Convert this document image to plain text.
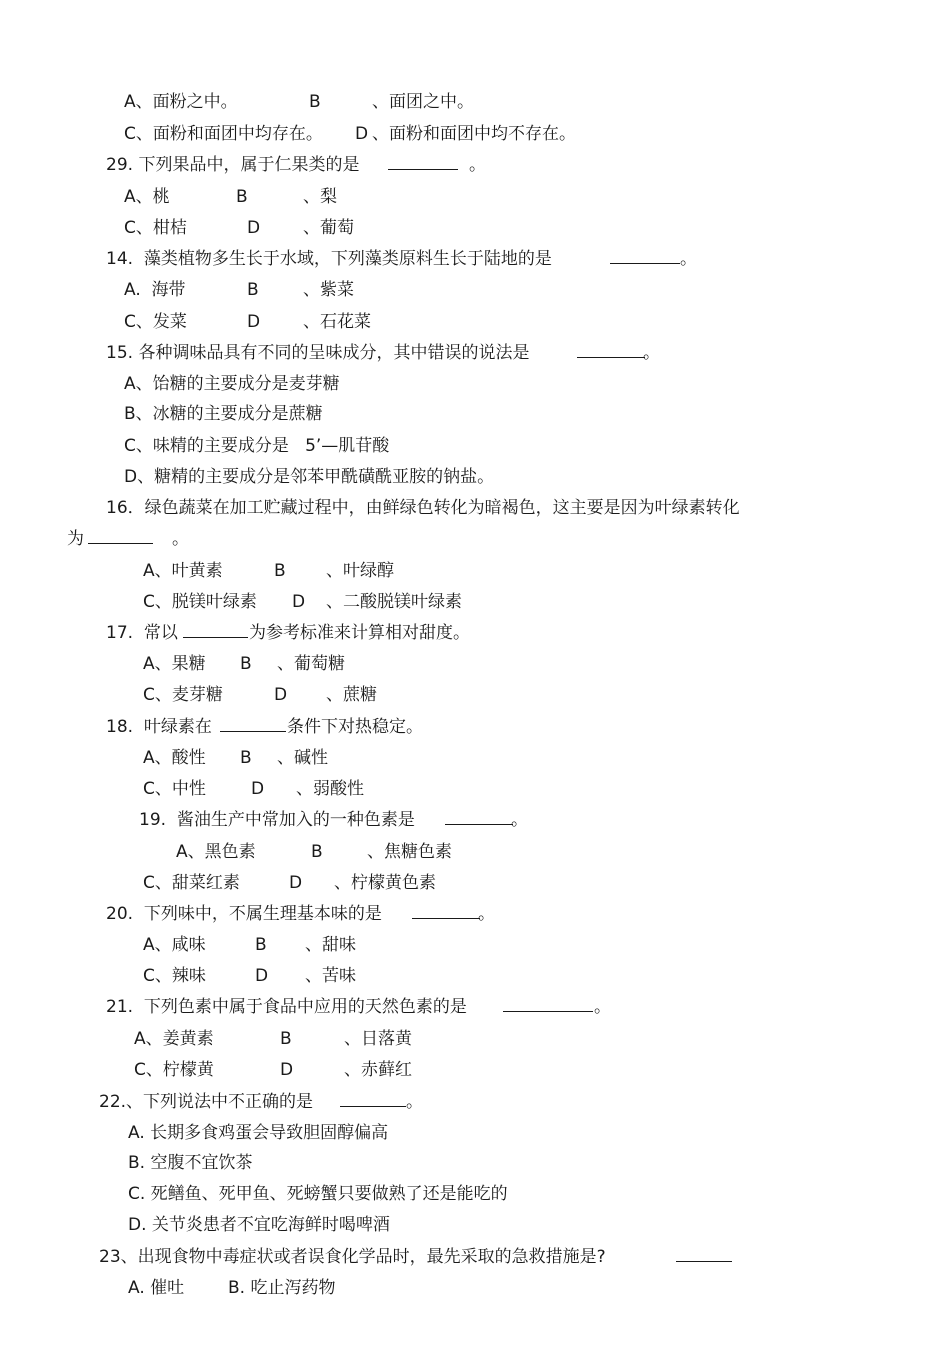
A、面粉之中。

	B

	、面团之中。

C、面粉和面团中均存在。

D

、面粉和面团中均不存在。

29. 下列果品中，属于仁果类的是

	。

A、桃

	B

	、梨

C、柑桔

	D

	、葡萄

14.  藻类植物多生长于水域，下列藻类原料生长于陆地的是

	。

A.  海带

	B

	、紫菜

C、发菜

	D

	、石花菜

15. 各种调味品具有不同的呈味成分，其中错误的说法是

	。

A、饴糖的主要成分是麦芽糖

B、冰糖的主要成分是蔗糖

C、味精的主要成分是   5’—肌苷酸

D、糖精的主要成分是邻苯甲酰磺酰亚胺的钠盐。

16．绿色蔬菜在加工贮藏过程中，由鲜绿色转化为暗褐色，这主要是因为叶绿素转化

为

	。

A、叶黄素

	B

、叶绿醇

C、脱镁叶绿素

D

、二酸脱镁叶绿素

17.  常以

	为参考标准来计算相对甜度。

A、果糖

B

、葡萄糖

C、麦芽糖

	D

、蔗糖

18.  叶绿素在

	条件下对热稳定。

A、酸性

B

、碱性

C、中性

	D

、弱酸性

19.  酱油生产中常加入的一种色素是

	。

A、黑色素

	B

	、焦糖色素

C、甜菜红素

	D

、柠檬黄色素

20.  下列味中，不属生理基本味的是

	。

A、咸味

	B

、甜味

C、辣味

	D

、苦味

21.  下列色素中属于食品中应用的天然色素的是

	。

A、姜黄素

	B

	、日落黄

C、柠檬黄

	D

	、赤藓红

22.、下列说法中不正确的是

	。

A. 长期多食鸡蛋会导致胆固醇偏高

B. 空腹不宜饮茶

C. 死鳝鱼、死甲鱼、死螃蟹只要做熟了还是能吃的

D. 关节炎患者不宜吃海鲜时喝啤酒

23、出现食物中毒症状或者误食化学品时，最先采取的急救措施是?

A. 催吐

	B. 吃止泻药物
